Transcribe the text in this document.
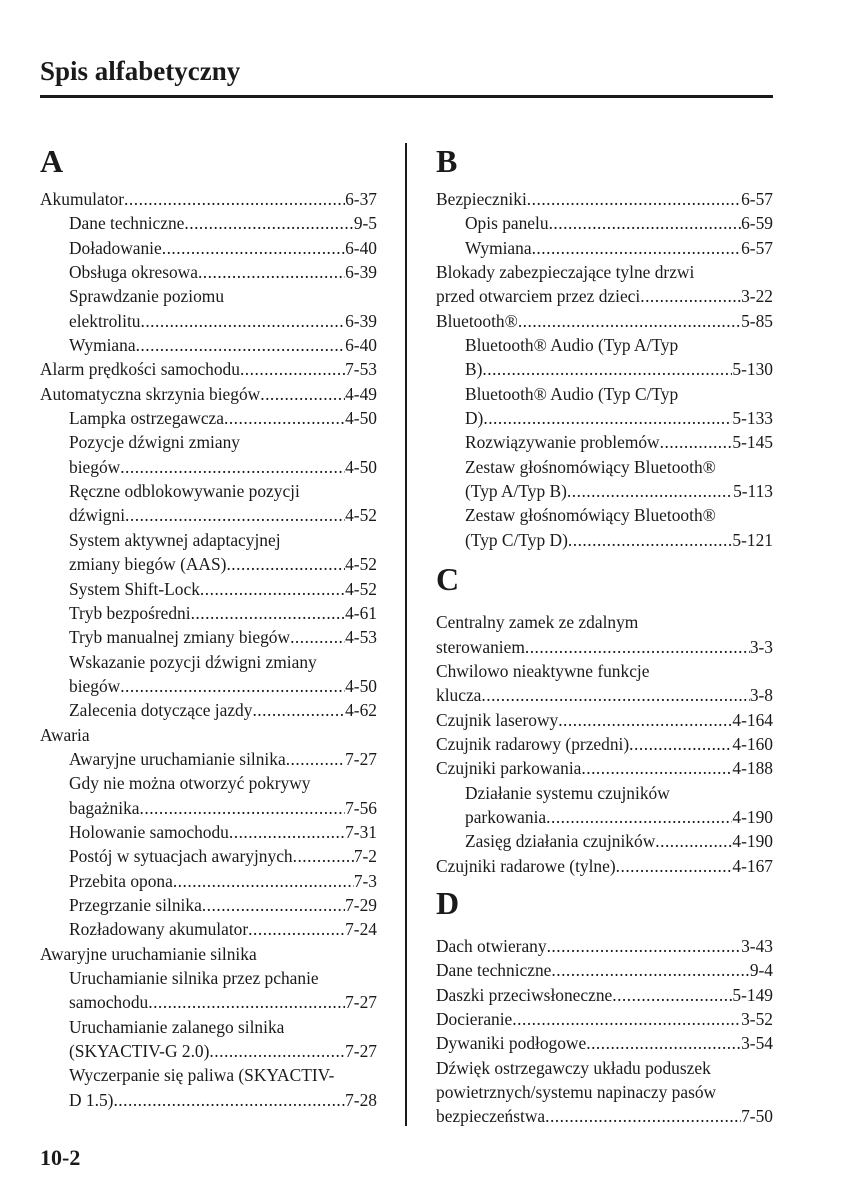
Spis alfabetyczny
A
Akumulator .....	6-37
Dane techniczne .....	9-5
Doładowanie .....	6-40
Obsługa okresowa .....	6-39
Sprawdzanie poziomu
elektrolitu .....	6-39
Wymiana .....	6-40
Alarm prędkości samochodu .....	7-53
Automatyczna skrzynia biegów .....	4-49
Lampka ostrzegawcza .....	4-50
Pozycje dźwigni zmiany
biegów .....	4-50
Ręczne odblokowywanie pozycji
dźwigni .....	4-52
System aktywnej adaptacyjnej
zmiany biegów (AAS) .....	4-52
System Shift-Lock .....	4-52
Tryb bezpośredni .....	4-61
Tryb manualnej zmiany biegów .....	4-53
Wskazanie pozycji dźwigni zmiany
biegów .....	4-50
Zalecenia dotyczące jazdy .....	4-62
Awaria
Awaryjne uruchamianie silnika .....	7-27
Gdy nie można otworzyć pokrywy
bagażnika .....	7-56
Holowanie samochodu .....	7-31
Postój w sytuacjach awaryjnych .....	7-2
Przebita opona .....	7-3
Przegrzanie silnika .....	7-29
Rozładowany akumulator .....	7-24
Awaryjne uruchamianie silnika
Uruchamianie silnika przez pchanie
samochodu .....	7-27
Uruchamianie zalanego silnika
(SKYACTIV-G 2.0) .....	7-27
Wyczerpanie się paliwa (SKYACTIV-
D 1.5) .....	7-28
B
Bezpieczniki .....	6-57
Opis panelu .....	6-59
Wymiana .....	6-57
Blokady zabezpieczające tylne drzwi
przed otwarciem przez dzieci .....	3-22
Bluetooth® .....	5-85
Bluetooth® Audio (Typ A/Typ
B) .....	5-130
Bluetooth® Audio (Typ C/Typ
D) .....	5-133
Rozwiązywanie problemów .....	5-145
Zestaw głośnomówiący Bluetooth®
(Typ A/Typ B) .....	5-113
Zestaw głośnomówiący Bluetooth®
(Typ C/Typ D) .....	5-121
C
Centralny zamek ze zdalnym
sterowaniem .....	3-3
Chwilowo nieaktywne funkcje
klucza .....	3-8
Czujnik laserowy .....	4-164
Czujnik radarowy (przedni) .....	4-160
Czujniki parkowania .....	4-188
Działanie systemu czujników
parkowania .....	4-190
Zasięg działania czujników .....	4-190
Czujniki radarowe (tylne) .....	4-167
D
Dach otwierany .....	3-43
Dane techniczne .....	9-4
Daszki przeciwsłoneczne .....	5-149
Docieranie .....	3-52
Dywaniki podłogowe .....	3-54
Dźwięk ostrzegawczy układu poduszek
powietrznych/systemu napinaczy pasów
bezpieczeństwa .....	7-50
10-2
